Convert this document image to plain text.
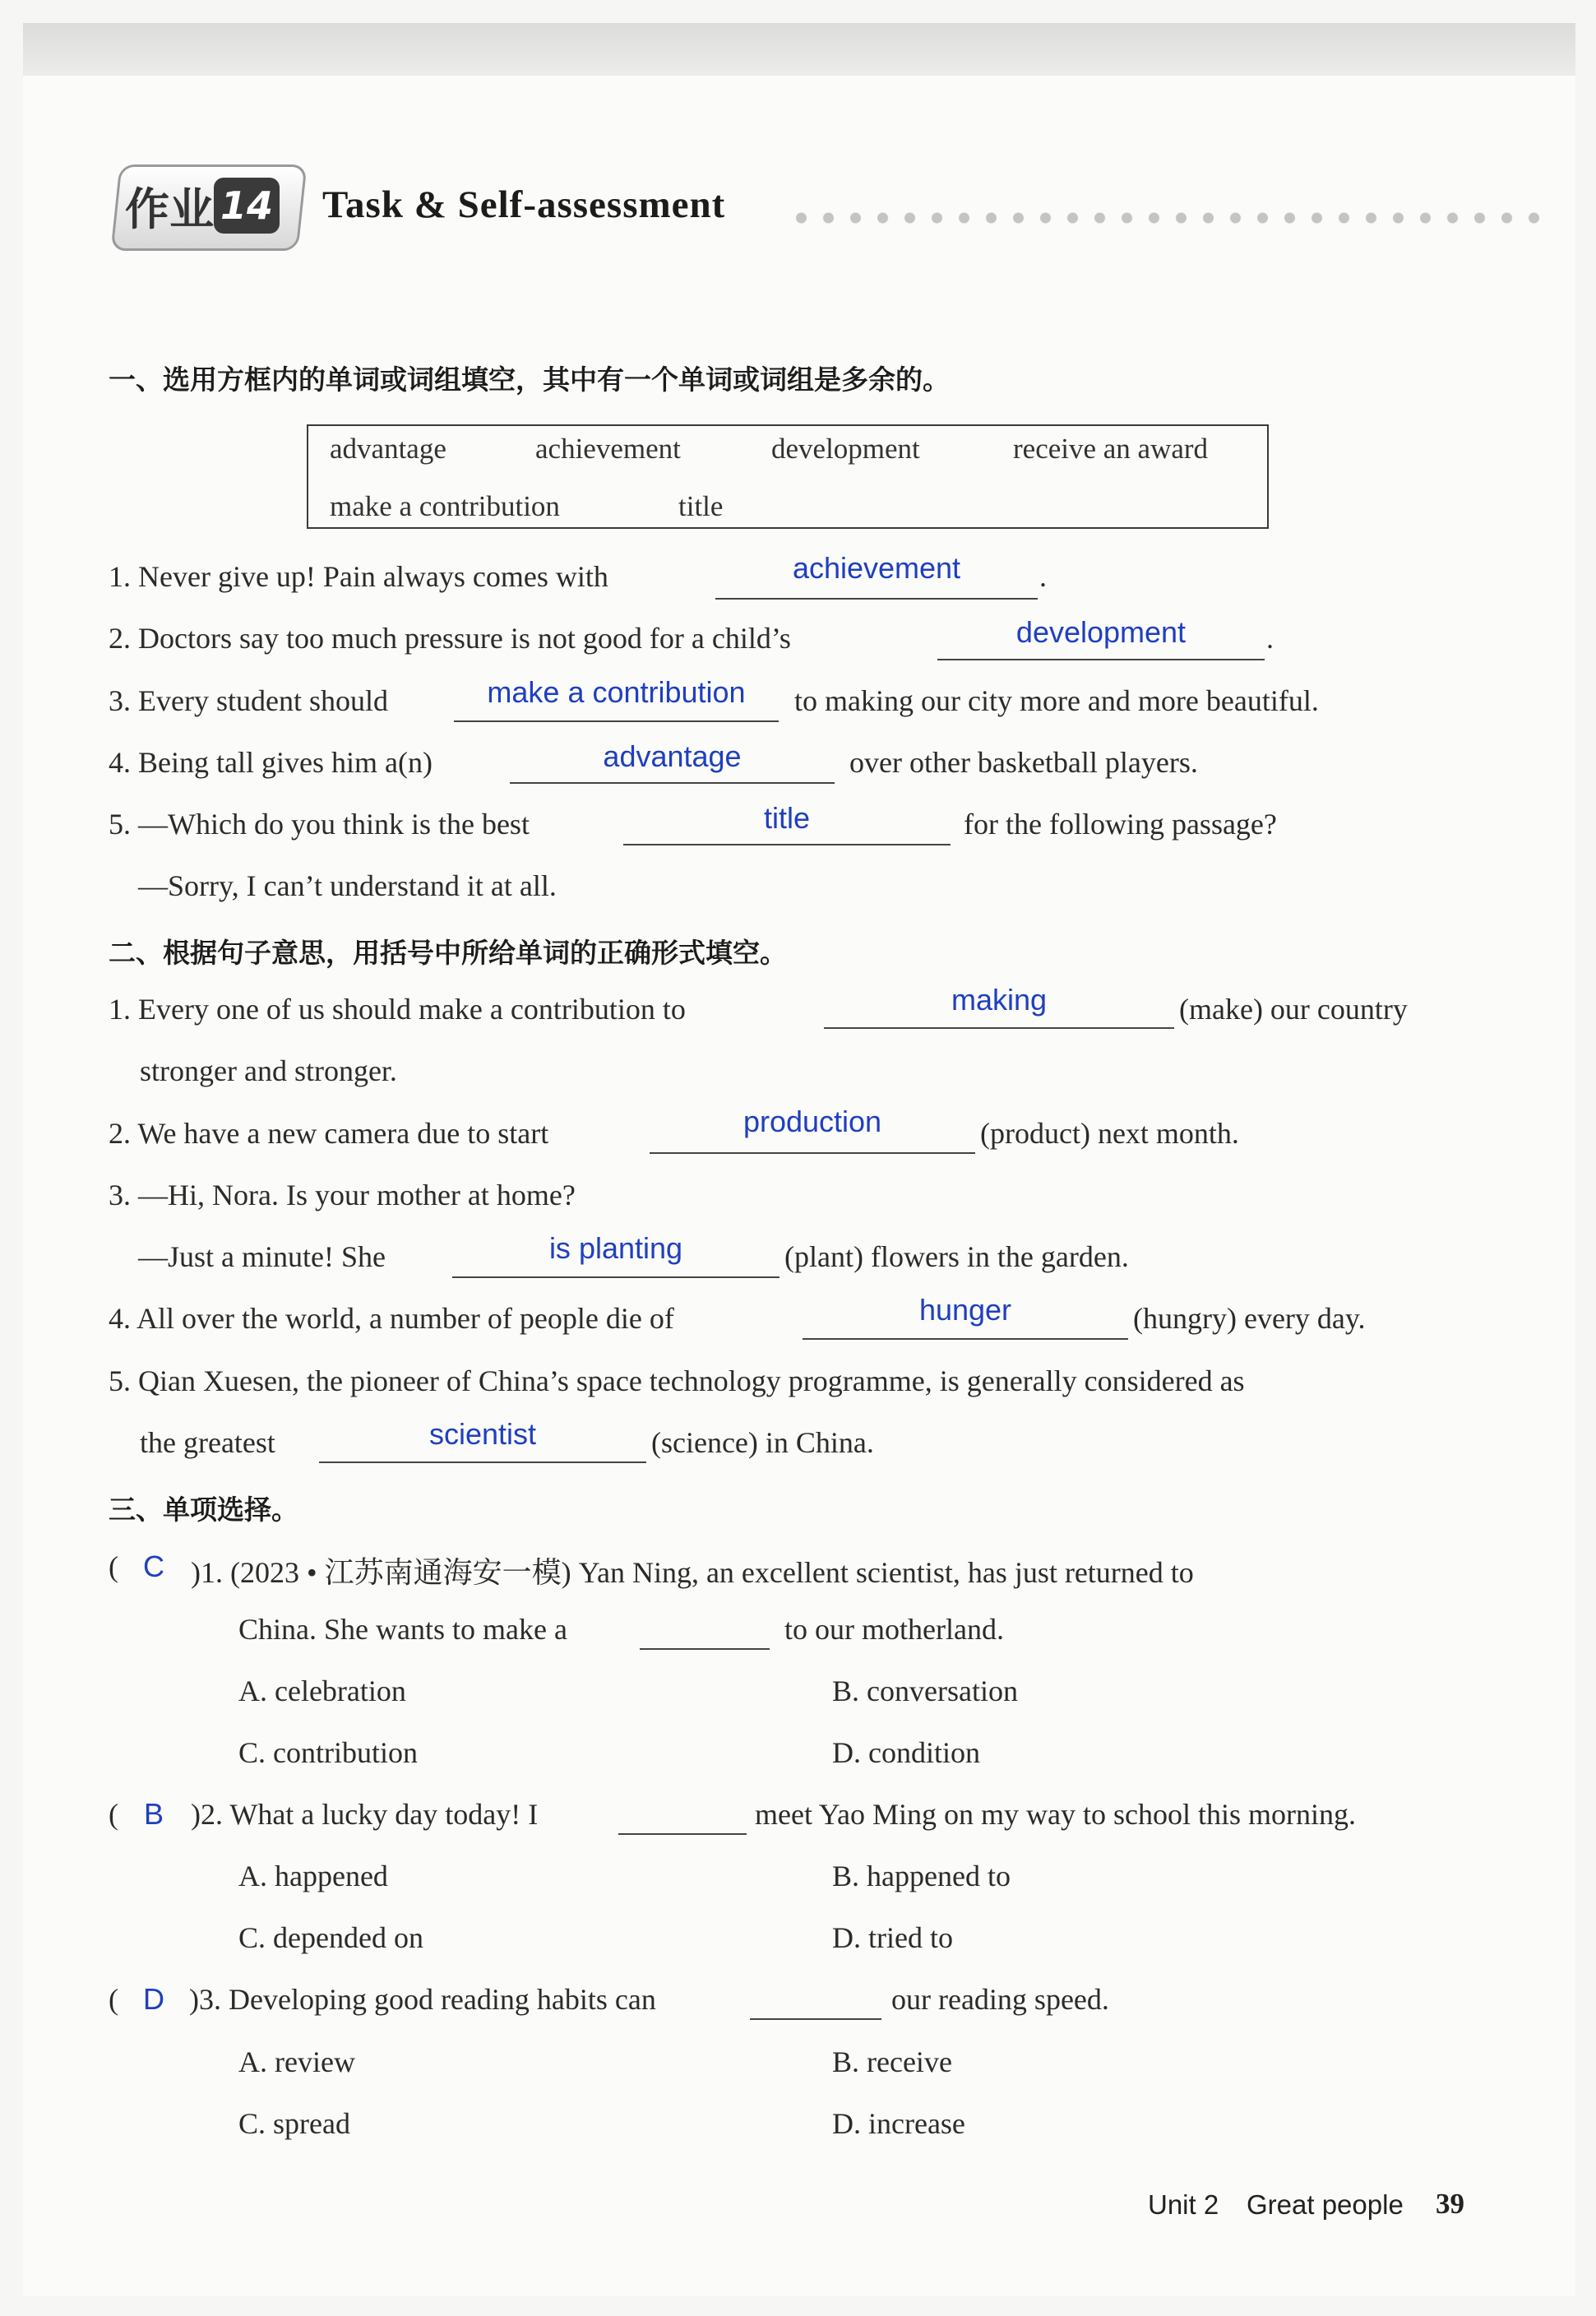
作业 14 Task & Self-assessment
一、选用方框内的单词或词组填空，其中有一个单词或词组是多余的。
advantage	achievement	development	receive an award
make a contribution	title
1. Never give up! Pain always comes with	achievement	.
2. Doctors say too much pressure is not good for a child’s	development	.
3. Every student should	make a contribution	to making our city more and more beautiful.
4. Being tall gives him a(n)	advantage	over other basketball players.
5. —Which do you think is the best	title	for the following passage?
—Sorry, I can’t understand it at all.
二、根据句子意思，用括号中所给单词的正确形式填空。
1. Every one of us should make a contribution to	making	(make) our country
stronger and stronger.
2. We have a new camera due to start	production	(product) next month.
3. —Hi, Nora. Is your mother at home?
—Just a minute! She	is planting	(plant) flowers in the garden.
4. All over the world, a number of people die of	hunger	(hungry) every day.
5. Qian Xuesen, the pioneer of China’s space technology programme, is generally considered as
the greatest	scientist	(science) in China.
三、单项选择。
( C )1. (2023 • 江苏南通海安一模) Yan Ning, an excellent scientist, has just returned to
China. She wants to make a	to our motherland.
A. celebration	B. conversation
C. contribution	D. condition
( B )2. What a lucky day today! I	meet Yao Ming on my way to school this morning.
A. happened	B. happened to
C. depended on	D. tried to
( D )3. Developing good reading habits can	our reading speed.
A. review	B. receive
C. spread	D. increase
Unit 2 Great people 39
